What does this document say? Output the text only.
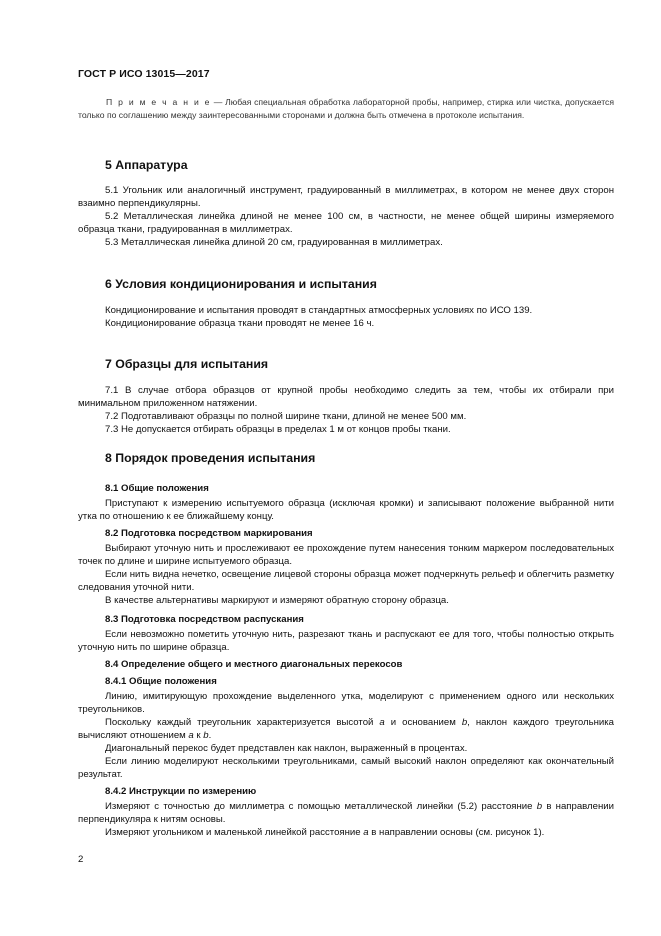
ГОСТ Р ИСО 13015—2017
П р и м е ч а н и е — Любая специальная обработка лабораторной пробы, например, стирка или чистка, допускается только по соглашению между заинтересованными сторонами и должна быть отмечена в протоколе испытания.
5 Аппаратура
5.1 Угольник или аналогичный инструмент, градуированный в миллиметрах, в котором не менее двух сторон взаимно перпендикулярны.
5.2 Металлическая линейка длиной не менее 100 см, в частности, не менее общей ширины измеряемого образца ткани, градуированная в миллиметрах.
5.3 Металлическая линейка длиной 20 см, градуированная в миллиметрах.
6 Условия кондиционирования и испытания
Кондиционирование и испытания проводят в стандартных атмосферных условиях по ИСО 139.
Кондиционирование образца ткани проводят не менее 16 ч.
7 Образцы для испытания
7.1 В случае отбора образцов от крупной пробы необходимо следить за тем, чтобы их отбирали при минимальном приложенном натяжении.
7.2 Подготавливают образцы по полной ширине ткани, длиной не менее 500 мм.
7.3 Не допускается отбирать образцы в пределах 1 м от концов пробы ткани.
8 Порядок проведения испытания
8.1 Общие положения
Приступают к измерению испытуемого образца (исключая кромки) и записывают положение выбранной нити утка по отношению к ее ближайшему концу.
8.2 Подготовка посредством маркирования
Выбирают уточную нить и прослеживают ее прохождение путем нанесения тонким маркером последовательных точек по длине и ширине испытуемого образца.
Если нить видна нечетко, освещение лицевой стороны образца может подчеркнуть рельеф и облегчить разметку следования уточной нити.
В качестве альтернативы маркируют и измеряют обратную сторону образца.
8.3 Подготовка посредством распускания
Если невозможно пометить уточную нить, разрезают ткань и распускают ее для того, чтобы полностью открыть уточную нить по ширине образца.
8.4 Определение общего и местного диагональных перекосов
8.4.1 Общие положения
Линию, имитирующую прохождение выделенного утка, моделируют с применением одного или нескольких треугольников.
Поскольку каждый треугольник характеризуется высотой a и основанием b, наклон каждого треугольника вычисляют отношением a к b.
Диагональный перекос будет представлен как наклон, выраженный в процентах.
Если линию моделируют несколькими треугольниками, самый высокий наклон определяют как окончательный результат.
8.4.2 Инструкции по измерению
Измеряют с точностью до миллиметра с помощью металлической линейки (5.2) расстояние b в направлении перпендикуляра к нитям основы.
Измеряют угольником и маленькой линейкой расстояние a в направлении основы (см. рисунок 1).
2
